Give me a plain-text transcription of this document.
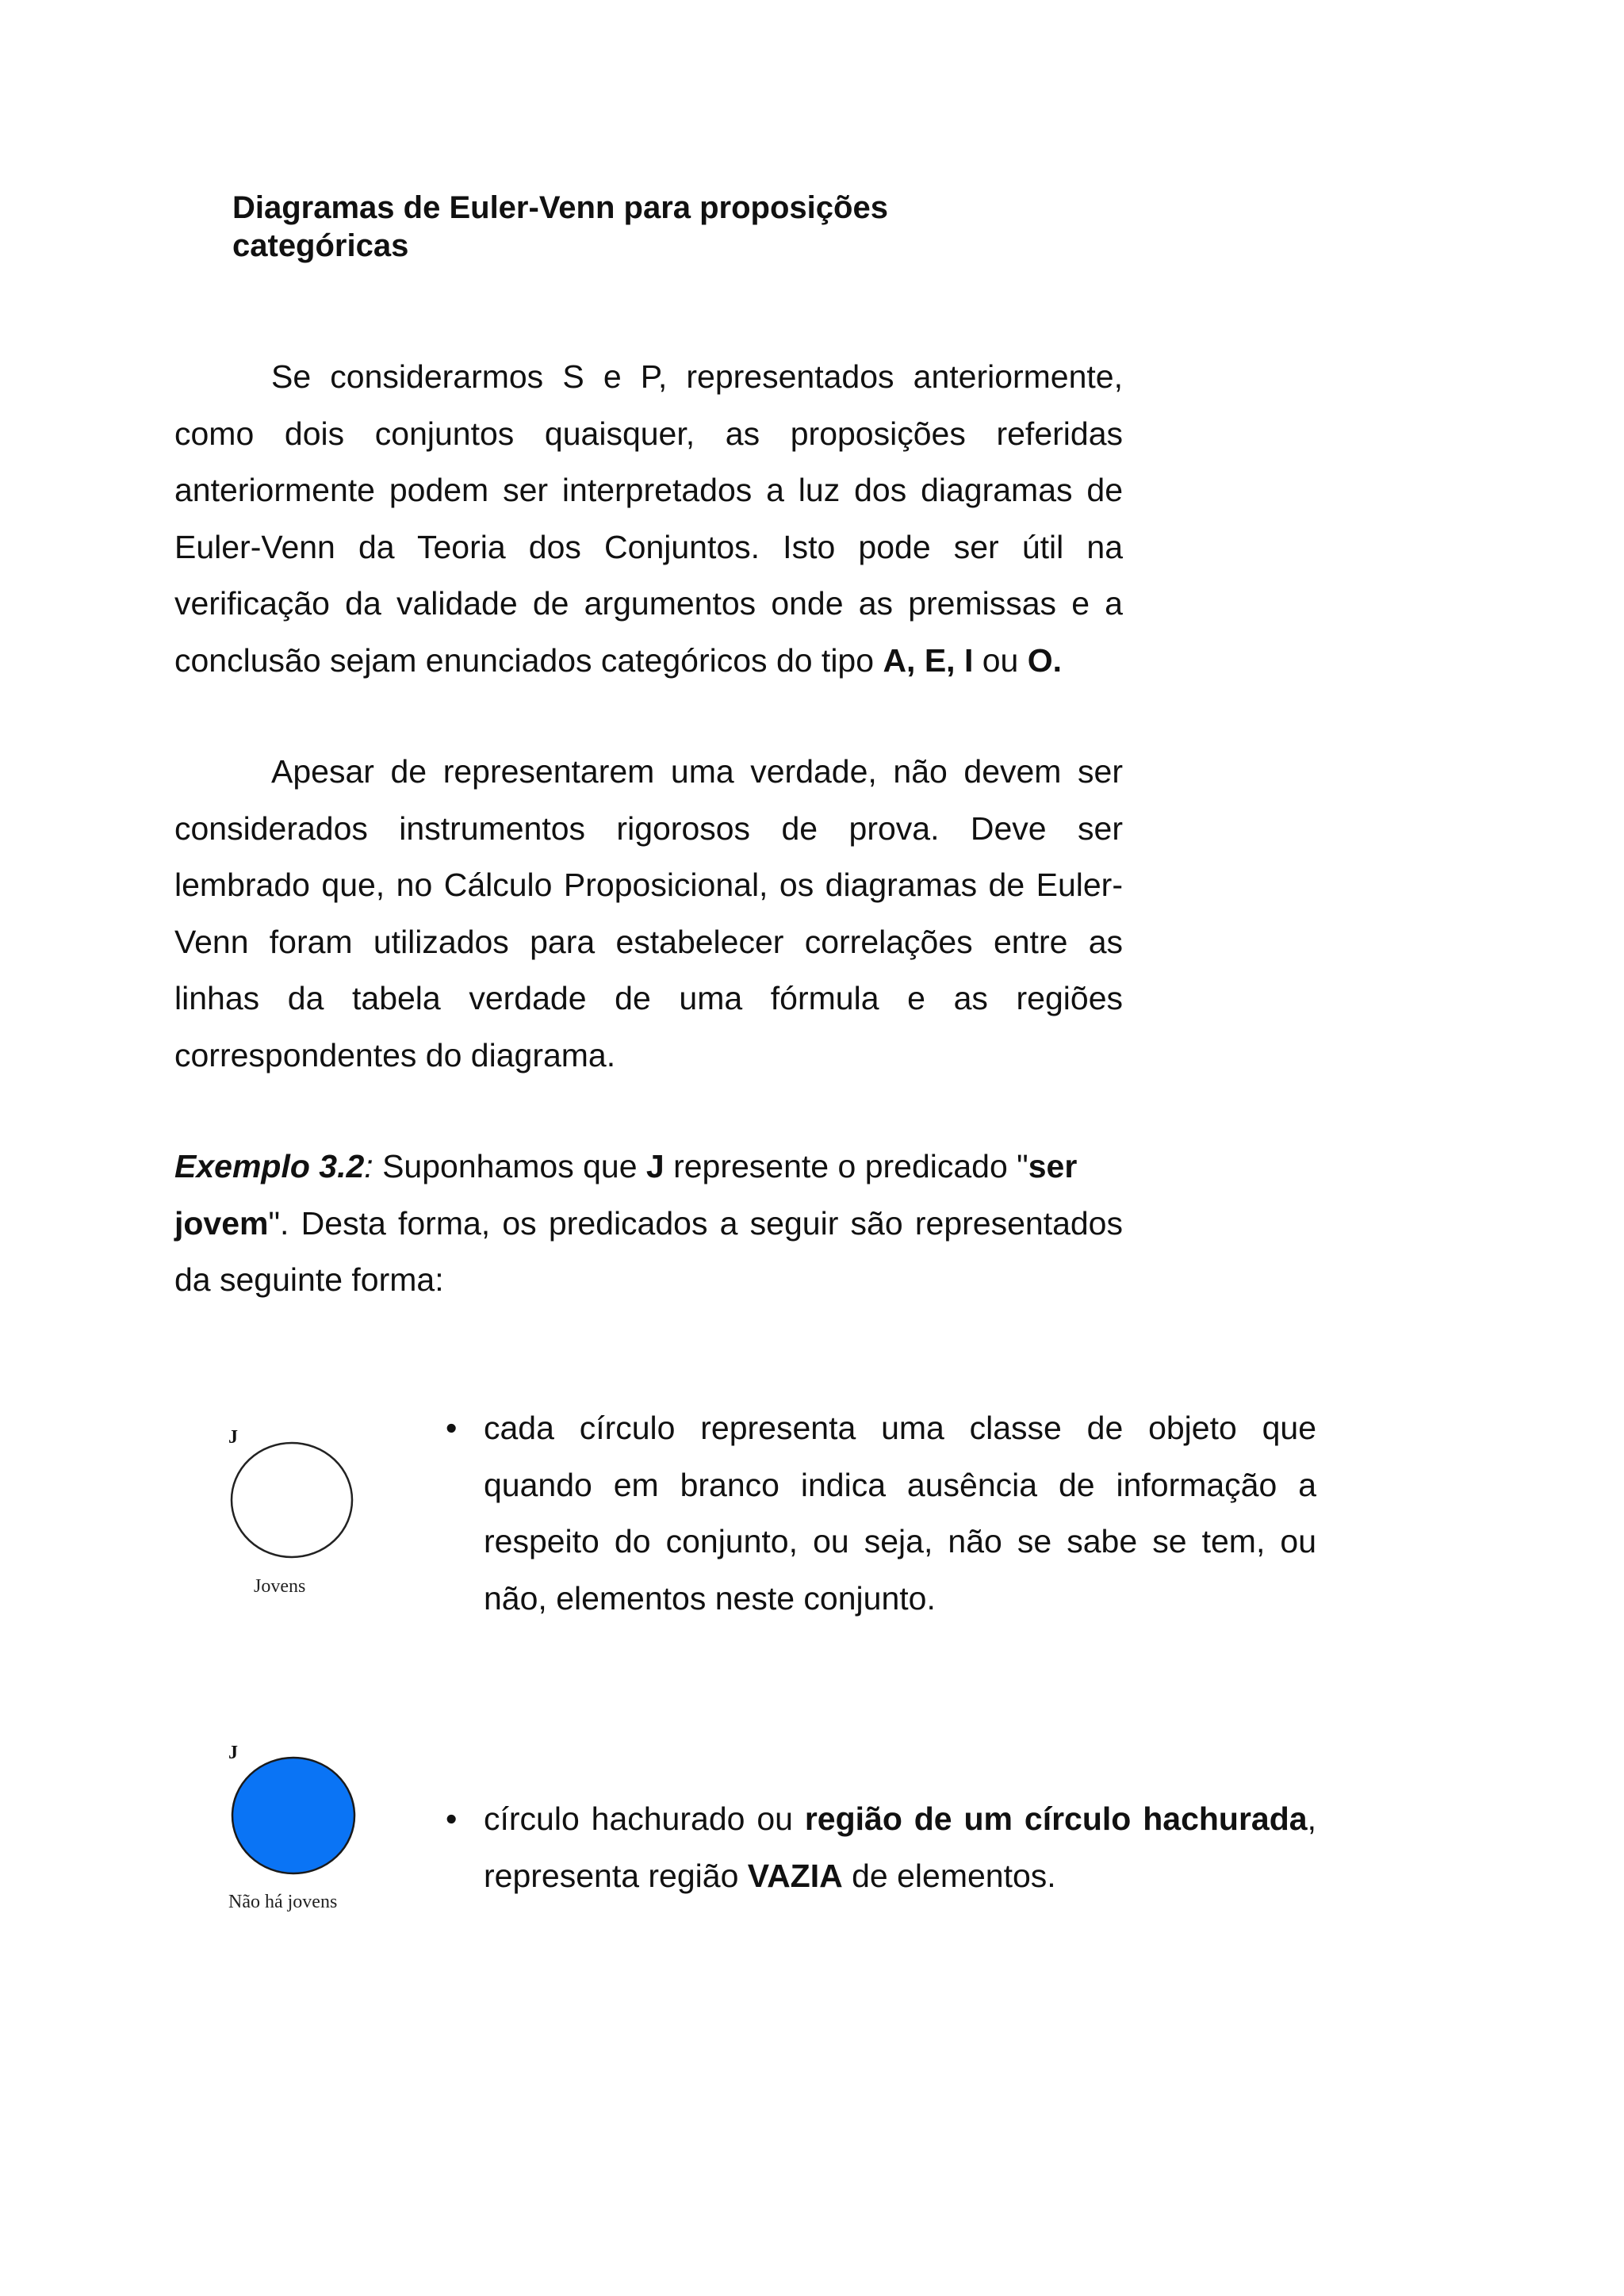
Diagramas de Euler-Venn para proposições
categóricas

Se considerarmos S e P, representados anteriormente, como dois conjuntos quaisquer, as proposições referidas anteriormente podem ser interpretados a luz dos diagramas de Euler-Venn da Teoria dos Conjuntos. Isto pode ser útil na verificação da validade de argumentos onde as premissas e a conclusão sejam enunciados categóricos do tipo A, E, I ou O.

Apesar de representarem uma verdade, não devem ser considerados instrumentos rigorosos de prova. Deve ser lembrado que, no Cálculo Proposicional, os diagramas de Euler-Venn foram utilizados para estabelecer correlações entre as linhas da tabela verdade de uma fórmula e as regiões correspondentes do diagrama.

Exemplo 3.2: Suponhamos que J represente o predicado "ser
jovem". Desta forma, os predicados a seguir são representados da seguinte forma:

J
Jovens
J
Não há jovens
• cada círculo representa uma classe de objeto que quando em branco indica ausência de informação a respeito do conjunto, ou seja, não se sabe se tem, ou não, elementos neste conjunto.
• círculo hachurado ou região de um círculo hachurada, representa região VAZIA de elementos.
